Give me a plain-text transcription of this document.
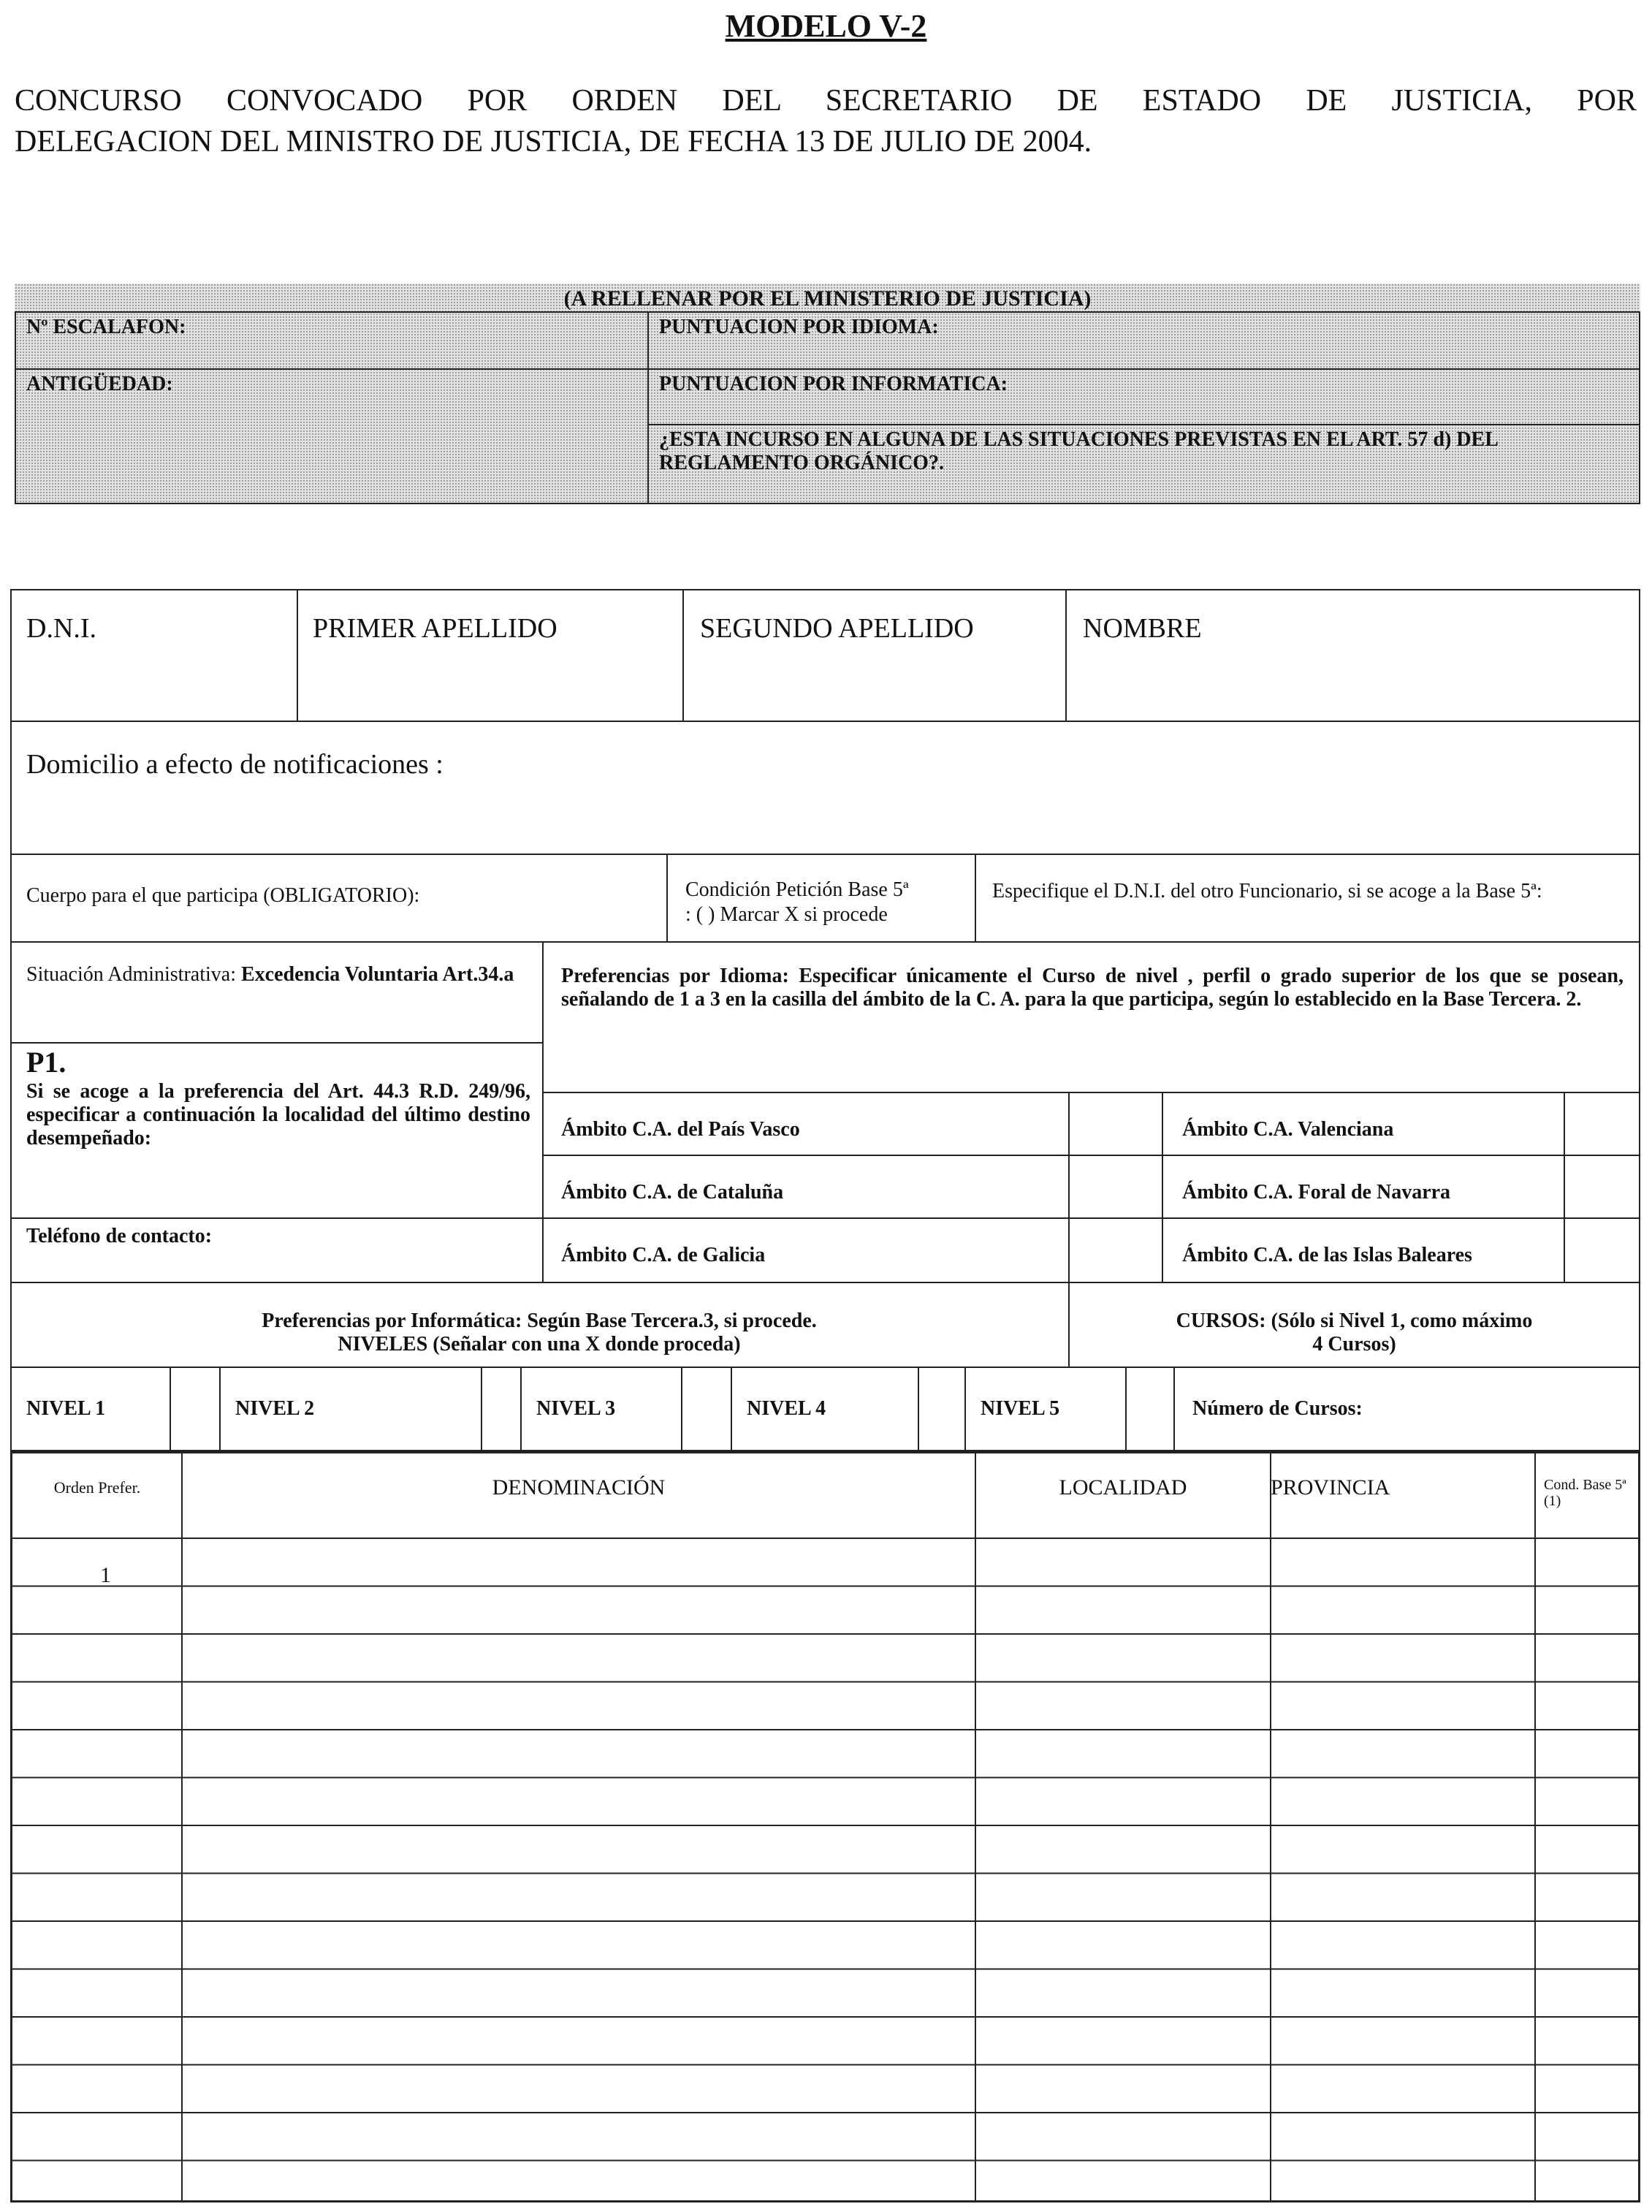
MODELO V-2
CONCURSO CONVOCADO POR ORDEN DEL SECRETARIO DE ESTADO DE JUSTICIA, POR
DELEGACION DEL MINISTRO DE JUSTICIA, DE FECHA 13 DE JULIO DE 2004.
(A RELLENAR POR EL MINISTERIO DE JUSTICIA)
Nº ESCALAFON:	PUNTUACION POR IDIOMA:
ANTIGÜEDAD:	PUNTUACION POR INFORMATICA:
¿ESTA INCURSO EN ALGUNA DE LAS SITUACIONES PREVISTAS EN EL ART. 57 d) DEL REGLAMENTO ORGÁNICO?.
D.N.I.	PRIMER APELLIDO	SEGUNDO APELLIDO	NOMBRE
Domicilio a efecto de notificaciones :
Cuerpo para el que participa (OBLIGATORIO):	Condición Petición Base 5ª
: ( ) Marcar X si procede
Especifique el D.N.I. del otro Funcionario, si se acoge a la Base 5ª:
Situación Administrativa: Excedencia Voluntaria Art.34.a
P1.
Si se acoge a la preferencia del Art. 44.3 R.D. 249/96, especificar a continuación la localidad del último destino desempeñado:
Teléfono de contacto:
Preferencias por Idioma: Especificar únicamente el Curso de nivel , perfil o grado superior de los que se posean, señalando de 1 a 3 en la casilla del ámbito de la C. A. para la que participa, según lo establecido en la Base Tercera. 2.
Ámbito C.A. del País Vasco	Ámbito C.A. Valenciana
Ámbito C.A. de Cataluña	Ámbito C.A. Foral de Navarra
Ámbito C.A. de Galicia	Ámbito C.A. de las Islas Baleares
Preferencias por Informática: Según Base Tercera.3, si procede.
NIVELES (Señalar con una X donde proceda)
CURSOS: (Sólo si Nivel 1, como máximo
4 Cursos)
NIVEL 1	NIVEL 2	NIVEL 3	NIVEL 4	NIVEL 5	Número de Cursos:
Orden Prefer.	DENOMINACIÓN	LOCALIDAD	PROVINCIA	Cond. Base 5ª (1)
1
